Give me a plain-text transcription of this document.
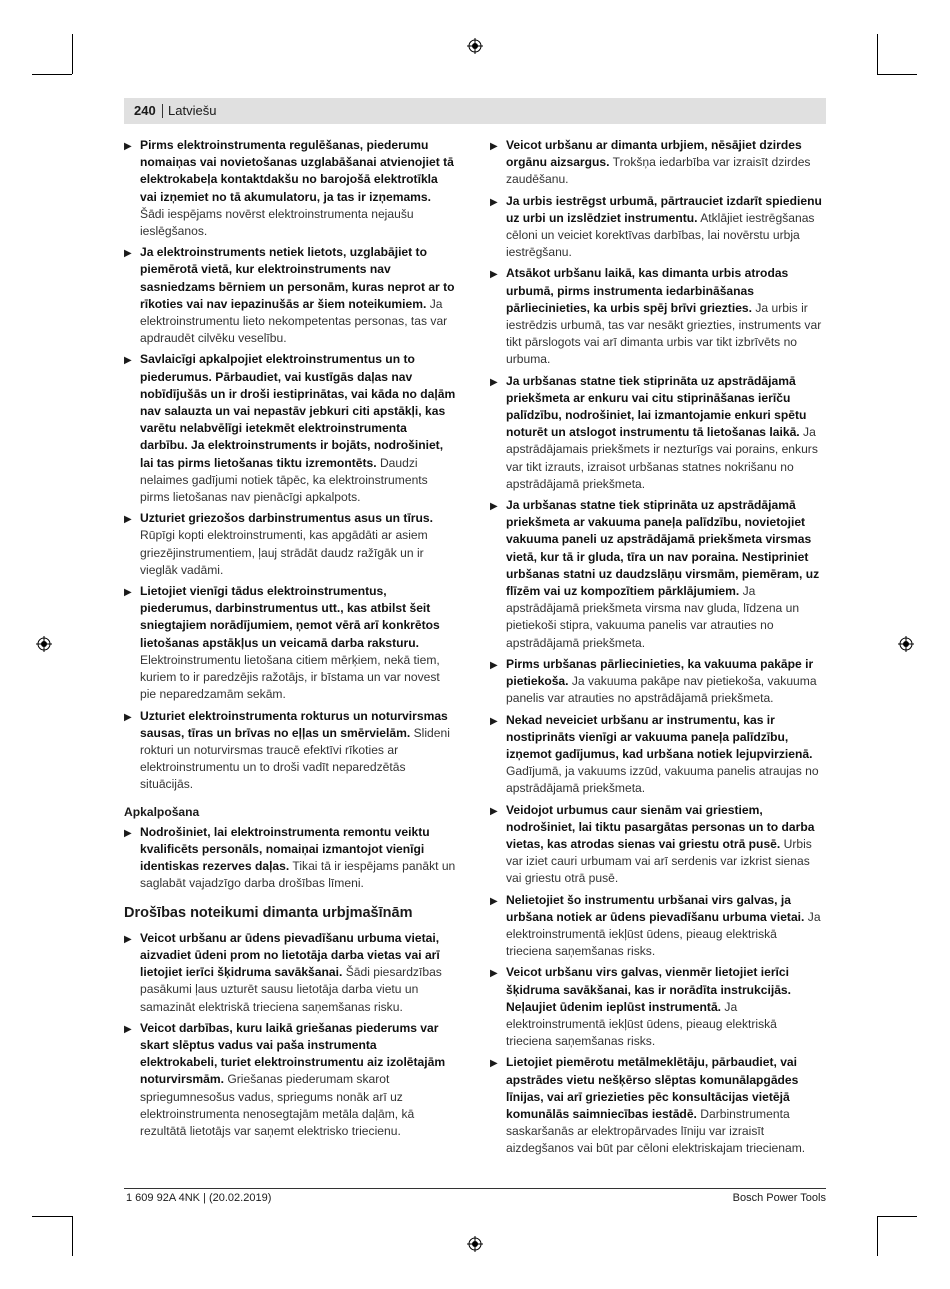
240 Latviešu
▶ Pirms elektroinstrumenta regulēšanas, piederumu nomaiņas vai novietošanas uzglabāšanai atvienojiet tā elektrokabeļa kontaktdakšu no barojošā elektrotīkla vai izņemiet no tā akumulatoru, ja tas ir izņemams. Šādi iespējams novērst elektroinstrumenta nejaušu ieslēgšanos.
▶ Ja elektroinstruments netiek lietots, uzglabājiet to piemērotā vietā, kur elektroinstruments nav sasniedzams bērniem un personām, kuras neprot ar to rīkoties vai nav iepazinušās ar šiem noteikumiem. Ja elektroinstrumentu lieto nekompetentas personas, tas var apdraudēt cilvēku veselību.
▶ Savlaicīgi apkalpojiet elektroinstrumentus un to piederumus. Pārbaudiet, vai kustīgās daļas nav nobīdījušās un ir droši iestiprinātas, vai kāda no daļām nav salauzta un vai nepastāv jebkuri citi apstākļi, kas varētu nelabvēlīgi ietekmēt elektroinstrumenta darbību. Ja elektroinstruments ir bojāts, nodrošiniet, lai tas pirms lietošanas tiktu izremontēts. Daudzi nelaimes gadījumi notiek tāpēc, ka elektroinstruments pirms lietošanas nav pienācīgi apkalpots.
▶ Uzturiet griezošos darbinstrumentus asus un tīrus. Rūpīgi kopti elektroinstrumenti, kas apgādāti ar asiem griezējinstrumentiem, ļauj strādāt daudz ražīgāk un ir vieglāk vadāmi.
▶ Lietojiet vienīgi tādus elektroinstrumentus, piederumus, darbinstrumentus utt., kas atbilst šeit sniegtajiem norādījumiem, ņemot vērā arī konkrētos lietošanas apstākļus un veicamā darba raksturu. Elektroinstrumentu lietošana citiem mērķiem, nekā tiem, kuriem to ir paredzējis ražotājs, ir bīstama un var novest pie neparedzamām sekām.
▶ Uzturiet elektroinstrumenta rokturus un noturvirsmas sausas, tīras un brīvas no eļļas un smērvielām. Slideni rokturi un noturvirsmas traucē efektīvi rīkoties ar elektroinstrumentu un to droši vadīt neparedzētās situācijās.
Apkalpošana
▶ Nodrošiniet, lai elektroinstrumenta remontu veiktu kvalificēts personāls, nomaiņai izmantojot vienīgi identiskas rezerves daļas. Tikai tā ir iespējams panākt un saglabāt vajadzīgo darba drošības līmeni.
Drošības noteikumi dimanta urbjmašīnām
▶ Veicot urbšanu ar ūdens pievadīšanu urbuma vietai, aizvadiet ūdeni prom no lietotāja darba vietas vai arī lietojiet ierīci šķidruma savākšanai. Šādi piesardzības pasākumi ļaus uzturēt sausu lietotāja darba vietu un samazināt elektriskā trieciena saņemšanas risku.
▶ Veicot darbības, kuru laikā griešanas piederums var skart slēptus vadus vai paša instrumenta elektrokabeli, turiet elektroinstrumentu aiz izolētajām noturvirsmām. Griešanas piederumam skarot spriegumnesošus vadus, spriegums nonāk arī uz elektroinstrumenta nenosegtajām metāla daļām, kā rezultātā lietotājs var saņemt elektrisko triecienu.
▶ Veicot urbšanu ar dimanta urbjiem, nēsājiet dzirdes orgānu aizsargus. Trokšņa iedarbība var izraisīt dzirdes zaudēšanu.
▶ Ja urbis iestrēgst urbumā, pārtrauciet izdarīt spiedienu uz urbi un izslēdziet instrumentu. Atklājiet iestrēgšanas cēloni un veiciet korektīvas darbības, lai novērstu urbja iestrēgšanu.
▶ Atsākot urbšanu laikā, kas dimanta urbis atrodas urbumā, pirms instrumenta iedarbināšanas pārliecinieties, ka urbis spēj brīvi griezties. Ja urbis ir iestrēdzis urbumā, tas var nesākt griezties, instruments var tikt pārslogots vai arī dimanta urbis var tikt izbrīvēts no urbuma.
▶ Ja urbšanas statne tiek stiprināta uz apstrādājamā priekšmeta ar enkuru vai citu stiprināšanas ierīču palīdzību, nodrošiniet, lai izmantojamie enkuri spētu noturēt un atslogot instrumentu tā lietošanas laikā. Ja apstrādājamais priekšmets ir nezturīgs vai porains, enkurs var tikt izrauts, izraisot urbšanas statnes nokrišanu no apstrādājamā priekšmeta.
▶ Ja urbšanas statne tiek stiprināta uz apstrādājamā priekšmeta ar vakuuma paneļa palīdzību, novietojiet vakuuma paneli uz apstrādājamā priekšmeta virsmas vietā, kur tā ir gluda, tīra un nav poraina. Nestipriniet urbšanas statni uz daudzslāņu virsmām, piemēram, uz flīzēm vai uz kompozītiem pārklājumiem. Ja apstrādājamā priekšmeta virsma nav gluda, līdzena un pietiekoši stipra, vakuuma panelis var atrauties no apstrādājamā priekšmeta.
▶ Pirms urbšanas pārliecinieties, ka vakuuma pakāpe ir pietiekoša. Ja vakuuma pakāpe nav pietiekoša, vakuuma panelis var atrauties no apstrādājamā priekšmeta.
▶ Nekad neveiciet urbšanu ar instrumentu, kas ir nostiprināts vienīgi ar vakuuma paneļa palīdzību, izņemot gadījumus, kad urbšana notiek lejupvirzienā. Gadījumā, ja vakuums izzūd, vakuuma panelis atraujas no apstrādājamā priekšmeta.
▶ Veidojot urbumus caur sienām vai griestiem, nodrošiniet, lai tiktu pasargātas personas un to darba vietas, kas atrodas sienas vai griestu otrā pusē. Urbis var iziet cauri urbumam vai arī serdenis var izkrist sienas vai griestu otrā pusē.
▶ Nelietojiet šo instrumentu urbšanai virs galvas, ja urbšana notiek ar ūdens pievadīšanu urbuma vietai. Ja elektroinstrumentā iekļūst ūdens, pieaug elektriskā trieciena saņemšanas risks.
▶ Veicot urbšanu virs galvas, vienmēr lietojiet ierīci šķidruma savākšanai, kas ir norādīta instrukcijās. Neļaujiet ūdenim ieplūst instrumentā. Ja elektroinstrumentā iekļūst ūdens, pieaug elektriskā trieciena saņemšanas risks.
▶ Lietojiet piemērotu metālmeklētāju, pārbaudiet, vai apstrādes vietu nešķērso slēptas komunālapgādes līnijas, vai arī griezieties pēc konsultācijas vietējā komunālās saimniecības iestādē. Darbinstrumenta saskaršanās ar elektropārvades līniju var izraisīt aizdegšanos vai būt par cēloni elektriskajam triecienam.
1 609 92A 4NK | (20.02.2019)	Bosch Power Tools
